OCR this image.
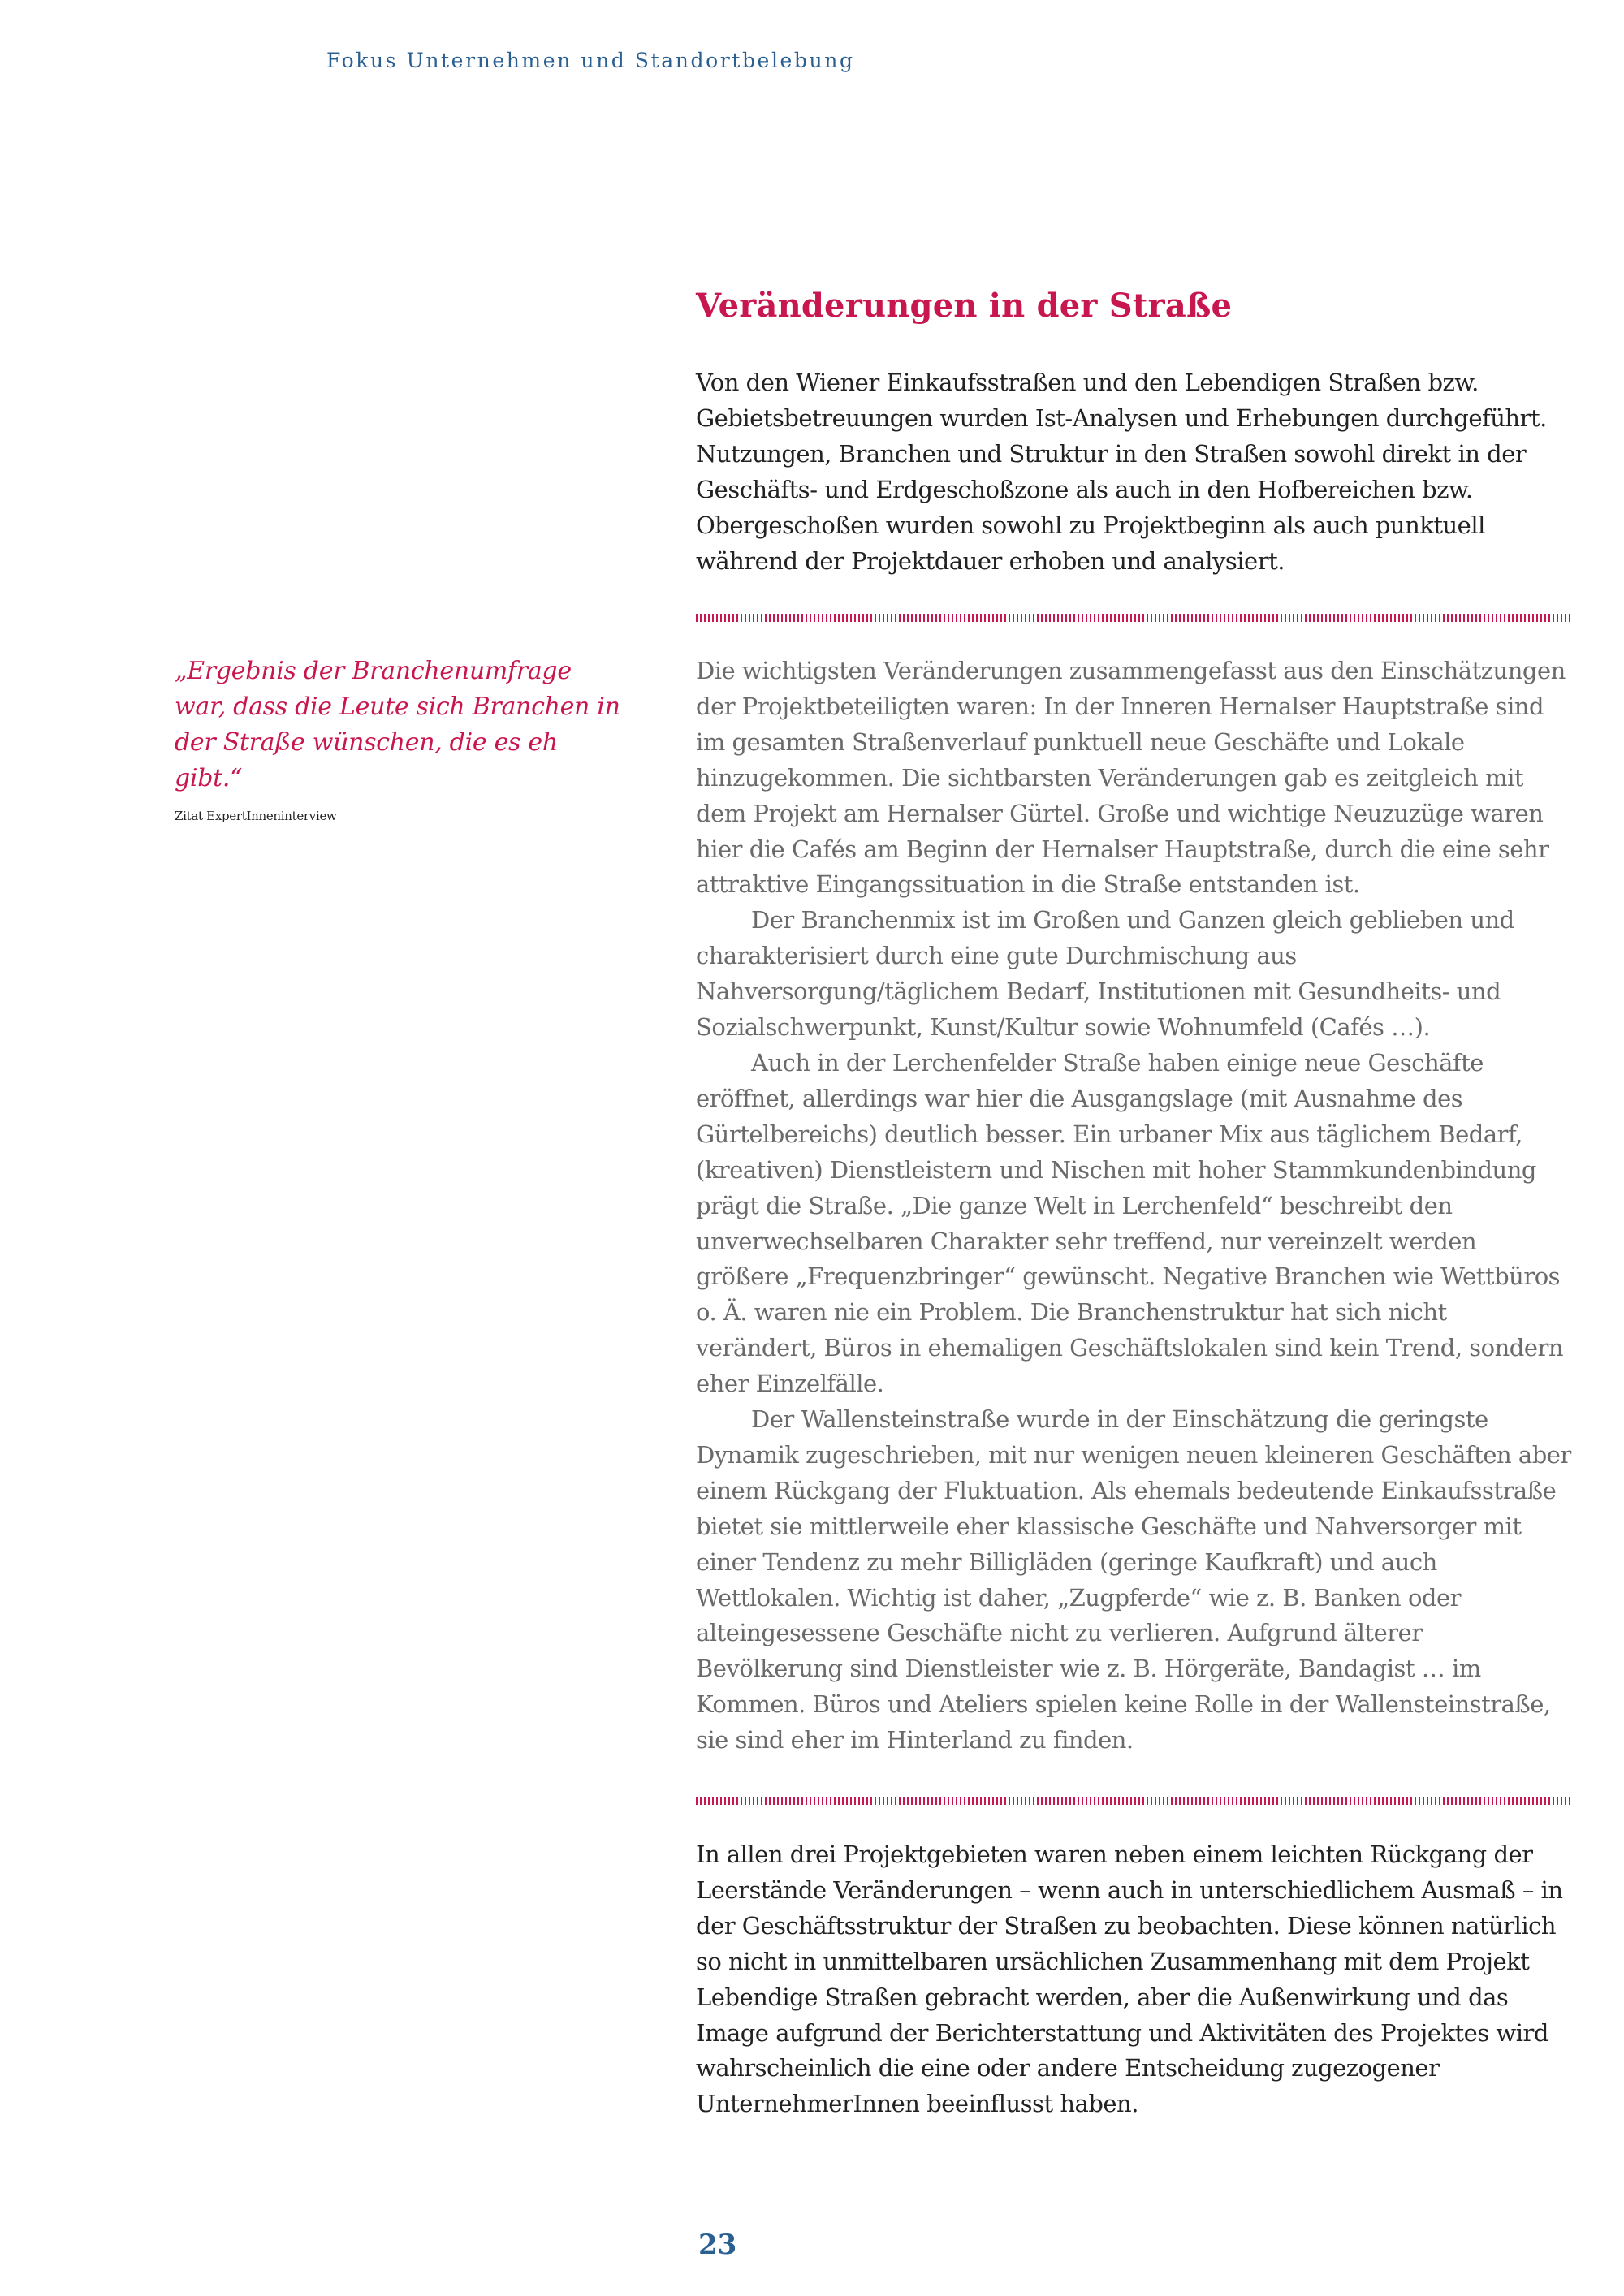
Fokus Unternehmen und Standortbelebung
Veränderungen in der Straße

Von den Wiener Einkaufsstraßen und den Lebendigen Straßen bzw. Gebietsbetreuungen wurden Ist-Analysen und Erhebungen durchgeführt. Nutzungen, Branchen und Struktur in den Straßen sowohl direkt in der Geschäfts- und Erdgeschoßzone als auch in den Hofbereichen bzw. Obergeschoßen wurden sowohl zu Projektbeginn als auch punktuell während der Projektdauer erhoben und analysiert.

„Ergebnis der Branchenumfrage war, dass die Leute sich Branchen in der Straße wünschen, die es eh gibt.“

Zitat ExpertInneninterview

Die wichtigsten Veränderungen zusammengefasst aus den Einschätzungen der Projektbeteiligten waren: In der Inneren Hernalser Hauptstraße sind im gesamten Straßenverlauf punktuell neue Geschäfte und Lokale hinzugekommen. Die sichtbarsten Veränderungen gab es zeitgleich mit dem Projekt am Hernalser Gürtel. Große und wichtige Neuzuzüge waren hier die Cafés am Beginn der Hernalser Hauptstraße, durch die eine sehr attraktive Eingangssituation in die Straße entstanden ist.

Der Branchenmix ist im Großen und Ganzen gleich geblieben und charakterisiert durch eine gute Durchmischung aus Nahversorgung/täglichem Bedarf, Institutionen mit Gesundheits- und Sozialschwerpunkt, Kunst/Kultur sowie Wohnumfeld (Cafés …).

Auch in der Lerchenfelder Straße haben einige neue Geschäfte eröffnet, allerdings war hier die Ausgangslage (mit Ausnahme des Gürtelbereichs) deutlich besser. Ein urbaner Mix aus täglichem Bedarf, (kreativen) Dienstleistern und Nischen mit hoher Stammkundenbindung prägt die Straße. „Die ganze Welt in Lerchenfeld“ beschreibt den unverwechselbaren Charakter sehr treffend, nur vereinzelt werden größere „Frequenzbringer“ gewünscht. Negative Branchen wie Wettbüros o. Ä. waren nie ein Problem. Die Branchenstruktur hat sich nicht verändert, Büros in ehemaligen Geschäftslokalen sind kein Trend, sondern eher Einzelfälle.

Der Wallensteinstraße wurde in der Einschätzung die geringste Dynamik zugeschrieben, mit nur wenigen neuen kleineren Geschäften aber einem Rückgang der Fluktuation. Als ehemals bedeutende Einkaufsstraße bietet sie mittlerweile eher klassische Geschäfte und Nahversorger mit einer Tendenz zu mehr Billigläden (geringe Kaufkraft) und auch Wettlokalen. Wichtig ist daher, „Zugpferde“ wie z. B. Banken oder alteingesessene Geschäfte nicht zu verlieren. Aufgrund älterer Bevölkerung sind Dienstleister wie z. B. Hörgeräte, Bandagist … im Kommen. Büros und Ateliers spielen keine Rolle in der Wallensteinstraße, sie sind eher im Hinterland zu finden.

In allen drei Projektgebieten waren neben einem leichten Rückgang der Leerstände Veränderungen – wenn auch in unterschiedlichem Ausmaß – in der Geschäftsstruktur der Straßen zu beobachten. Diese können natürlich so nicht in unmittelbaren ursächlichen Zusammenhang mit dem Projekt Lebendige Straßen gebracht werden, aber die Außenwirkung und das Image aufgrund der Berichterstattung und Aktivitäten des Projektes wird wahrscheinlich die eine oder andere Entscheidung zugezogener UnternehmerInnen beeinflusst haben.

23
